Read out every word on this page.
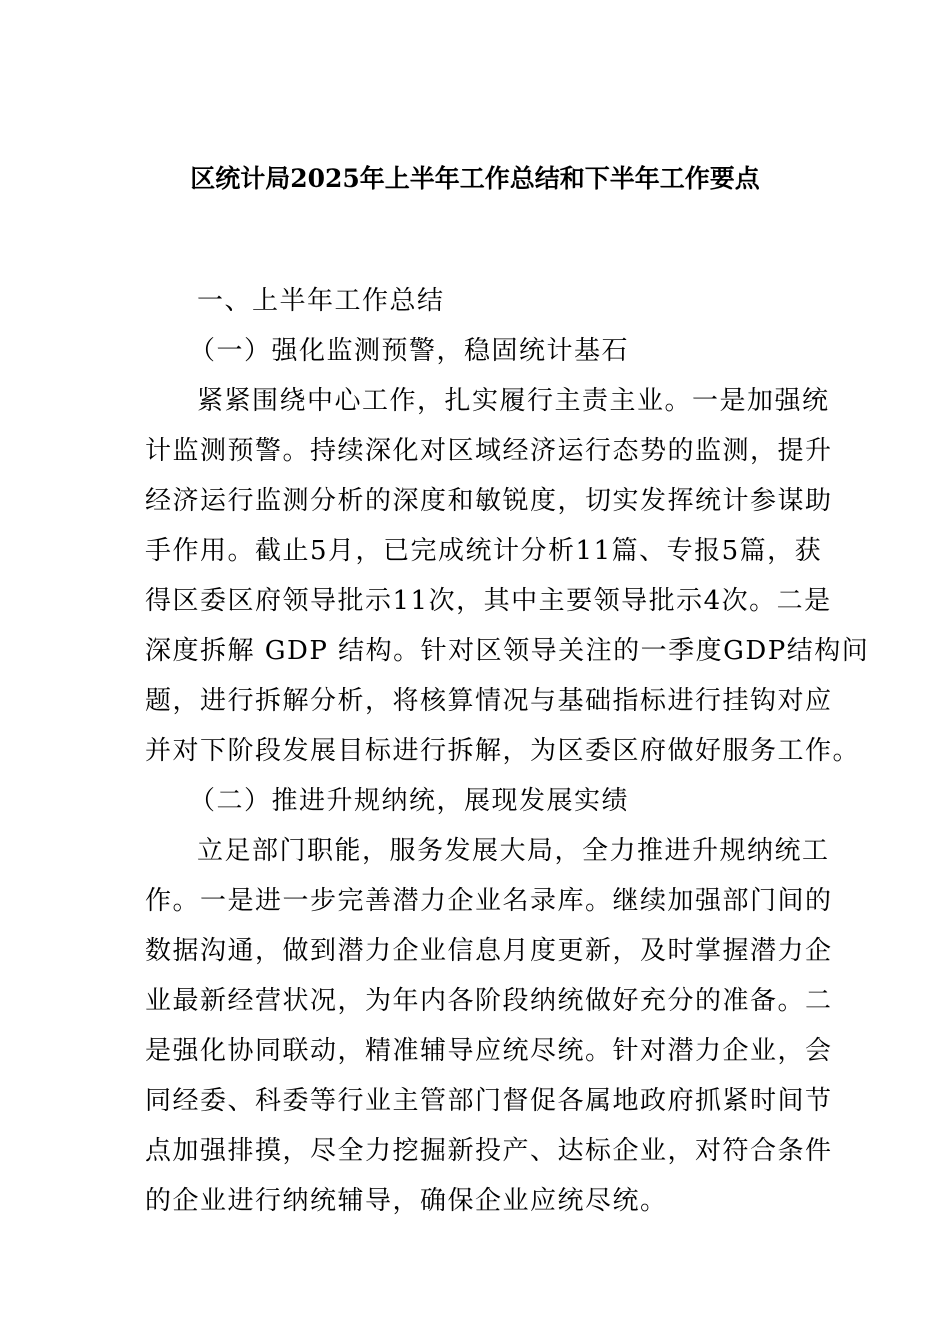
区统计局2025年上半年工作总结和下半年工作要点

一、上半年工作总结

（一）强化监测预警，稳固统计基石

紧紧围绕中心工作，扎实履行主责主业。一是加强统

计监测预警。持续深化对区域经济运行态势的监测，提升

经济运行监测分析的深度和敏锐度，切实发挥统计参谋助

手作用。截止5月，已完成统计分析11篇、专报5篇，获

得区委区府领导批示11次，其中主要领导批示4次。二是

深度拆解 GDP 结构。针对区领导关注的一季度GDP结构问

题，进行拆解分析，将核算情况与基础指标进行挂钩对应

并对下阶段发展目标进行拆解，为区委区府做好服务工作。

（二）推进升规纳统，展现发展实绩

立足部门职能，服务发展大局，全力推进升规纳统工

作。一是进一步完善潜力企业名录库。继续加强部门间的

数据沟通，做到潜力企业信息月度更新，及时掌握潜力企

业最新经营状况，为年内各阶段纳统做好充分的准备。二

是强化协同联动，精准辅导应统尽统。针对潜力企业，会

同经委、科委等行业主管部门督促各属地政府抓紧时间节

点加强排摸，尽全力挖掘新投产、达标企业，对符合条件

的企业进行纳统辅导，确保企业应统尽统。
